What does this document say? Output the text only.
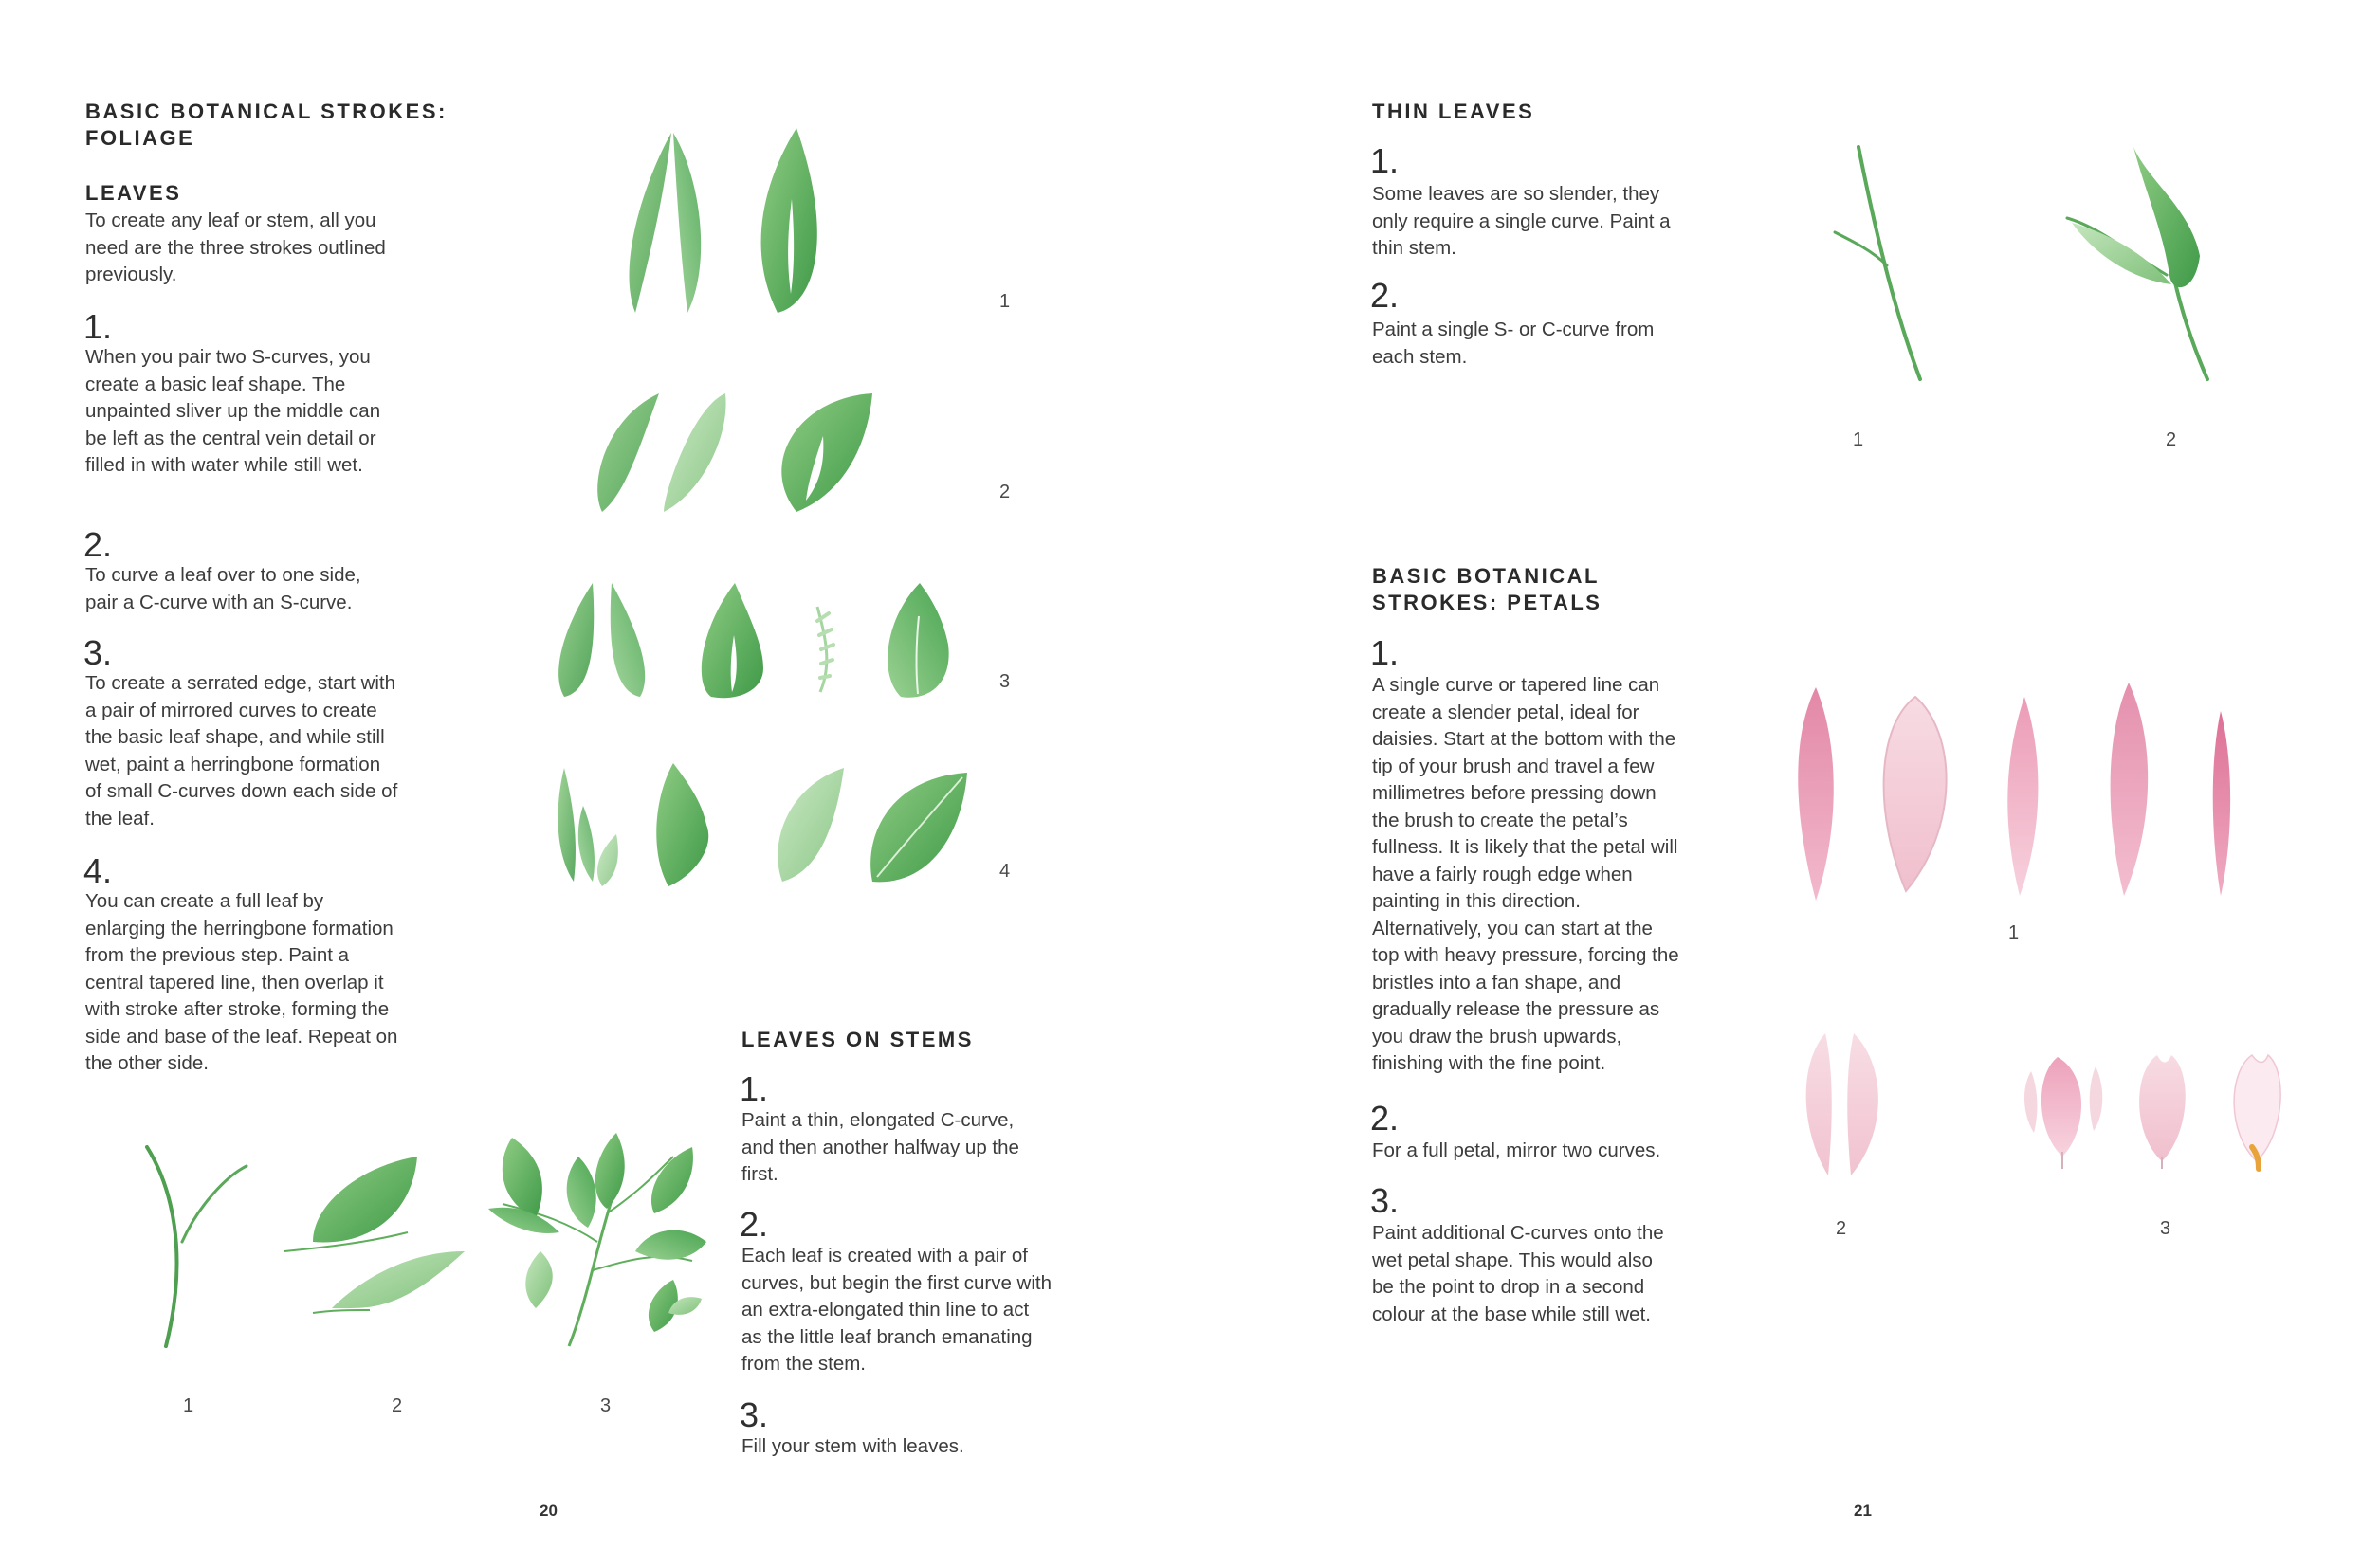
BASIC BOTANICAL STROKES:
FOLIAGE
LEAVES
To create any leaf or stem, all you need are the three strokes outlined previously.
1.
When you pair two S-curves, you create a basic leaf shape. The unpainted sliver up the middle can be left as the central vein detail or filled in with water while still wet.
2.
To curve a leaf over to one side, pair a C-curve with an S-curve.
3.
To create a serrated edge, start with a pair of mirrored curves to create the basic leaf shape, and while still wet, paint a herringbone formation of small C-curves down each side of the leaf.
4.
You can create a full leaf by enlarging the herringbone formation from the previous step. Paint a central tapered line, then overlap it with stroke after stroke, forming the side and base of the leaf. Repeat on the other side.
1
2
3
4
1	2	3
LEAVES ON STEMS
1.
Paint a thin, elongated C-curve, and then another halfway up the first.
2.
Each leaf is created with a pair of curves, but begin the first curve with an extra-elongated thin line to act as the little leaf branch emanating from the stem.
3.
Fill your stem with leaves.
20
THIN LEAVES
1.
Some leaves are so slender, they only require a single curve. Paint a thin stem.
2.
Paint a single S- or C-curve from each stem.
1	2
BASIC BOTANICAL
STROKES: PETALS
1.
A single curve or tapered line can create a slender petal, ideal for daisies. Start at the bottom with the tip of your brush and travel a few millimetres before pressing down the brush to create the petal’s fullness. It is likely that the petal will have a fairly rough edge when painting in this direction. Alternatively, you can start at the top with heavy pressure, forcing the bristles into a fan shape, and gradually release the pressure as you draw the brush upwards, finishing with the fine point.
2.
For a full petal, mirror two curves.
3.
Paint additional C-curves onto the wet petal shape. This would also be the point to drop in a second colour at the base while still wet.
1
2	3
21
